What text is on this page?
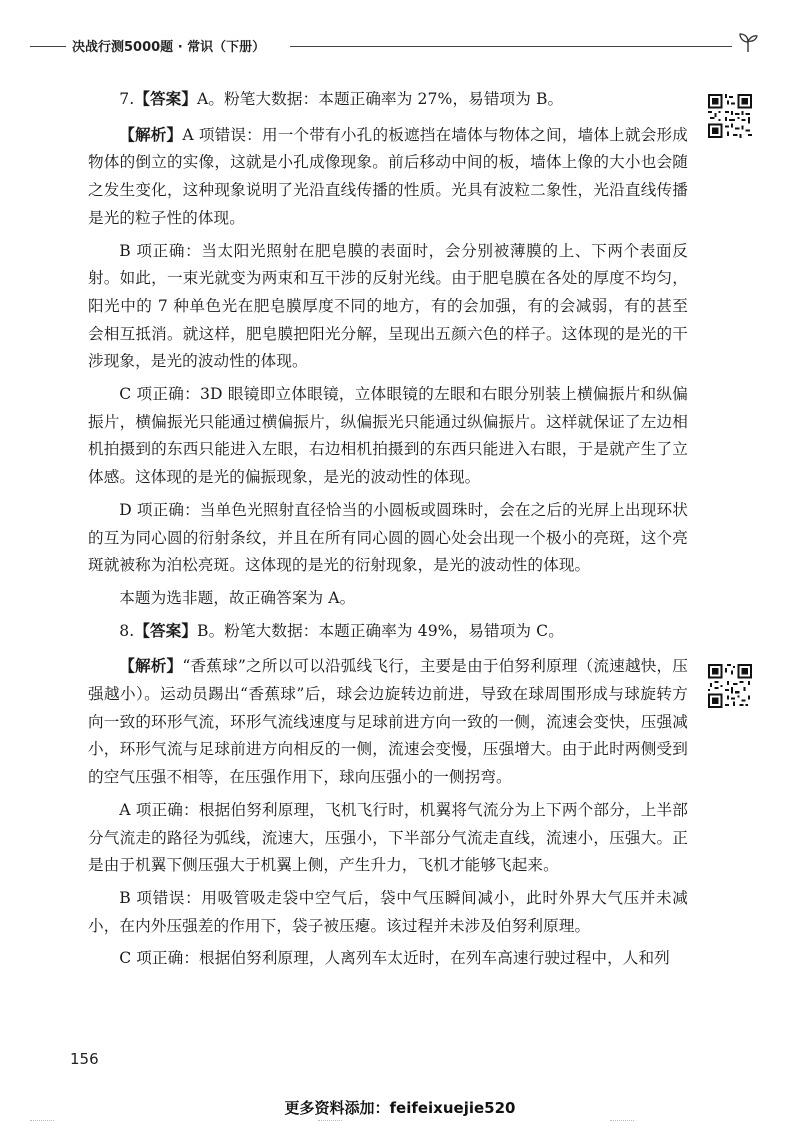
决战行测5000题 · 常识（下册）

7.【答案】A。粉笔大数据：本题正确率为 27%，易错项为 B。

【解析】A 项错误：用一个带有小孔的板遮挡在墙体与物体之间，墙体上就会形成物体的倒立的实像，这就是小孔成像现象。前后移动中间的板，墙体上像的大小也会随之发生变化，这种现象说明了光沿直线传播的性质。光具有波粒二象性，光沿直线传播是光的粒子性的体现。

B 项正确：当太阳光照射在肥皂膜的表面时，会分别被薄膜的上、下两个表面反射。如此，一束光就变为两束和互干涉的反射光线。由于肥皂膜在各处的厚度不均匀，阳光中的 7 种单色光在肥皂膜厚度不同的地方，有的会加强，有的会减弱，有的甚至会相互抵消。就这样，肥皂膜把阳光分解，呈现出五颜六色的样子。这体现的是光的干涉现象，是光的波动性的体现。

C 项正确：3D 眼镜即立体眼镜，立体眼镜的左眼和右眼分别装上横偏振片和纵偏振片，横偏振光只能通过横偏振片，纵偏振光只能通过纵偏振片。这样就保证了左边相机拍摄到的东西只能进入左眼，右边相机拍摄到的东西只能进入右眼，于是就产生了立体感。这体现的是光的偏振现象，是光的波动性的体现。

D 项正确：当单色光照射直径恰当的小圆板或圆珠时，会在之后的光屏上出现环状的互为同心圆的衍射条纹，并且在所有同心圆的圆心处会出现一个极小的亮斑，这个亮斑就被称为泊松亮斑。这体现的是光的衍射现象，是光的波动性的体现。

本题为选非题，故正确答案为 A。

8.【答案】B。粉笔大数据：本题正确率为 49%，易错项为 C。

【解析】“香蕉球”之所以可以沿弧线飞行，主要是由于伯努利原理（流速越快，压强越小）。运动员踢出“香蕉球”后，球会边旋转边前进，导致在球周围形成与球旋转方向一致的环形气流，环形气流线速度与足球前进方向一致的一侧，流速会变快，压强减小，环形气流与足球前进方向相反的一侧，流速会变慢，压强增大。由于此时两侧受到的空气压强不相等，在压强作用下，球向压强小的一侧拐弯。

A 项正确：根据伯努利原理，飞机飞行时，机翼将气流分为上下两个部分，上半部分气流走的路径为弧线，流速大，压强小，下半部分气流走直线，流速小，压强大。正是由于机翼下侧压强大于机翼上侧，产生升力，飞机才能够飞起来。

B 项错误：用吸管吸走袋中空气后，袋中气压瞬间减小，此时外界大气压并未减小，在内外压强差的作用下，袋子被压瘪。该过程并未涉及伯努利原理。

C 项正确：根据伯努利原理，人离列车太近时，在列车高速行驶过程中，人和列

156
更多资料添加：feifeixuejie520
